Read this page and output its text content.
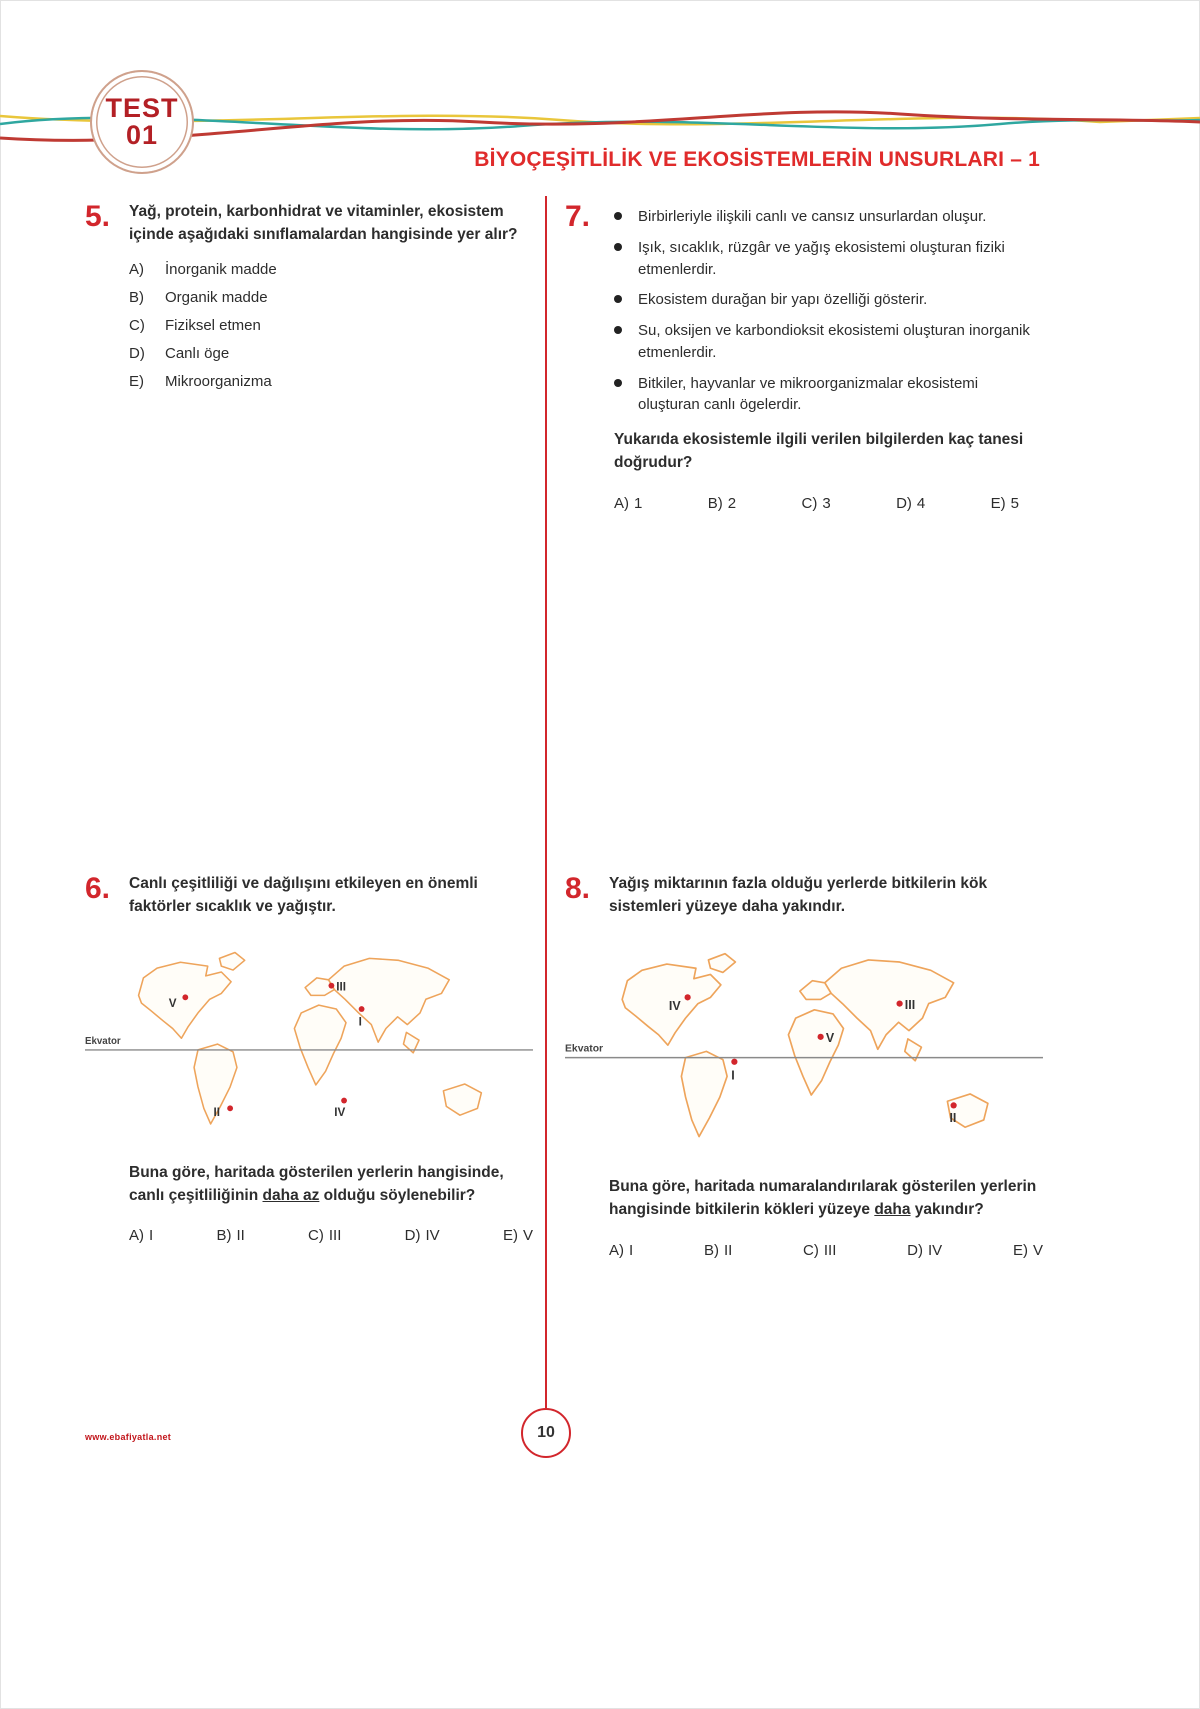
TEST
01
BİYOÇEŞİTLİLİK VE EKOSİSTEMLERİN UNSURLARI – 1
5.	Yağ, protein, karbonhidrat ve vitaminler, ekosistem içinde aşağıdaki sınıflamalardan hangisinde yer alır?
A)	İnorganik madde
B)	Organik madde
C) Fiziksel etmen
D) Canlı öge
E)	Mikroorganizma
7.	Birbirleriyle ilişkili canlı ve cansız unsurlardan oluşur.
Işık, sıcaklık, rüzgâr ve yağış ekosistemi oluşturan fiziki etmenlerdir.
Ekosistem durağan bir yapı özelliği gösterir.
Su, oksijen ve karbondioksit ekosistemi oluşturan inorganik etmenlerdir.
Bitkiler, hayvanlar ve mikroorganizmalar ekosistemi oluşturan canlı ögelerdir.
Yukarıda ekosistemle ilgili verilen bilgilerden kaç tanesi doğrudur?
A) 1	B) 2	C) 3	D) 4	E) 5
6.	Canlı çeşitliliği ve dağılışını etkileyen en önemli faktörler sıcaklık ve yağıştır.
Ekvator
V
III
I
II	IV
Buna göre, haritada gösterilen yerlerin hangisinde, canlı çeşitliliğinin daha az olduğu söylenebilir?
A) I	B) II	C) III	D) IV	E) V
8.	Yağış miktarının fazla olduğu yerlerde bitkilerin kök sistemleri yüzeye daha yakındır.
Ekvator
IV	III
V
I
II
Buna göre, haritada numaralandırılarak gösterilen yerlerin hangisinde bitkilerin kökleri yüzeye daha yakındır?
A) I	B) II	C) III	D) IV	E) V
10
www.ebafiyatla.net
